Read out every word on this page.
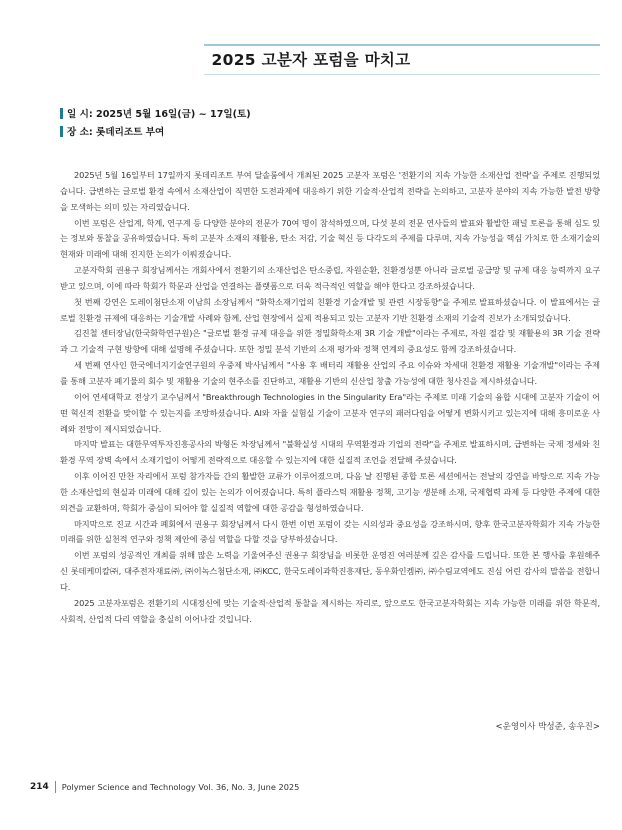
2025 고분자 포럼을 마치고
일 시: 2025년 5월 16일(금) ~ 17일(토)
장 소: 롯데리조트 부여

2025년 5월 16일부터 17일까지 롯데리조트 부여 달솔룸에서 개최된 2025 고분자 포럼은 '전환기의 지속 가능한 소재산업 전략'을 주제로 진행되었습니다. 급변하는 글로벌 환경 속에서 소재산업이 직면한 도전과제에 대응하기 위한 기술적·산업적 전략을 논의하고, 고분자 분야의 지속 가능한 발전 방향을 모색하는 의미 있는 자리였습니다.

이번 포럼은 산업계, 학계, 연구계 등 다양한 분야의 전문가 70여 명이 참석하였으며, 다섯 분의 전문 연사들의 발표와 활발한 패널 토론을 통해 심도 있는 정보와 통찰을 공유하였습니다. 특히 고분자 소재의 재활용, 탄소 저감, 기술 혁신 등 다각도의 주제를 다루며, 지속 가능성을 핵심 가치로 한 소재기술의 현재와 미래에 대해 진지한 논의가 이뤄졌습니다.

고분자학회 권용구 회장님께서는 개회사에서 전환기의 소재산업은 탄소중립, 자원순환, 친환경성뿐 아니라 글로벌 공급망 및 규제 대응 능력까지 요구받고 있으며, 이에 따라 학회가 학문과 산업을 연결하는 플랫폼으로 더욱 적극적인 역할을 해야 한다고 강조하셨습니다.

첫 번째 강연은 도레이첨단소재 이남희 소장님께서 "화학소재기업의 친환경 기술개발 및 관련 시장동향"을 주제로 발표하셨습니다. 이 발표에서는 글로벌 친환경 규제에 대응하는 기술개발 사례와 함께, 산업 현장에서 실제 적용되고 있는 고분자 기반 친환경 소재의 기술적 진보가 소개되었습니다.

김진철 센터장님(한국화학연구원)은 "글로벌 환경 규제 대응을 위한 정밀화학소재 3R 기술 개발"이라는 주제로, 자원 절감 및 재활용의 3R 기술 전략과 그 기술적 구현 방향에 대해 설명해 주셨습니다. 또한 정밀 분석 기반의 소재 평가와 정책 연계의 중요성도 함께 강조하셨습니다.

세 번째 연사인 한국에너지기술연구원의 우중제 박사님께서 "사용 후 배터리 재활용 산업의 주요 이슈와 차세대 친환경 재활용 기술개발"이라는 주제를 통해 고분자 폐기물의 회수 및 재활용 기술의 현주소를 진단하고, 재활용 기반의 신산업 창출 가능성에 대한 청사진을 제시하셨습니다.

이어 연세대학교 전상기 교수님께서 "Breakthrough Technologies in the Singularity Era"라는 주제로 미래 기술의 융합 시대에 고분자 기술이 어떤 혁신적 전환을 맞이할 수 있는지를 조망하셨습니다. AI와 자율 실험실 기술이 고분자 연구의 패러다임을 어떻게 변화시키고 있는지에 대해 흥미로운 사례와 전망이 제시되었습니다.

마지막 발표는 대한무역투자진흥공사의 박형돈 차장님께서 "불확실성 시대의 무역환경과 기업의 전략"을 주제로 발표하시며, 급변하는 국제 정세와 친환경 무역 장벽 속에서 소재기업이 어떻게 전략적으로 대응할 수 있는지에 대한 실질적 조언을 전달해 주셨습니다.

이후 이어진 만찬 자리에서 포럼 참가자들 간의 활발한 교류가 이루어졌으며, 다음 날 진행된 종합 토론 세션에서는 전날의 강연을 바탕으로 지속 가능한 소재산업의 현실과 미래에 대해 깊이 있는 논의가 이어졌습니다. 특히 플라스틱 재활용 정책, 고기능 생분해 소재, 국제협력 과제 등 다양한 주제에 대한 의견을 교환하며, 학회가 중심이 되어야 할 실질적 역할에 대한 공감을 형성하였습니다.

마지막으로 진교 시간과 폐회에서 권용구 회장님께서 다시 한번 이번 포럼이 갖는 시의성과 중요성을 강조하시며, 향후 한국고분자학회가 지속 가능한 미래를 위한 실천적 연구와 정책 제안에 중심 역할을 다할 것을 당부하셨습니다.

이번 포럼의 성공적인 개최를 위해 많은 노력을 기울여주신 권용구 회장님을 비롯한 운영진 여러분께 깊은 감사를 드립니다. 또한 본 행사를 후원해주신 롯데케미칼㈜, 대주전자재료㈜, ㈜이녹스첨단소재, ㈜KCC, 한국도레이과학진흥재단, 동우화인켐㈜, ㈜수림교역에도 진심 어린 감사의 말씀을 전합니다.

2025 고분자포럼은 전환기의 시대정신에 맞는 기술적·산업적 통찰을 제시하는 자리로, 앞으로도 한국고분자학회는 지속 가능한 미래를 위한 학문적, 사회적, 산업적 다리 역할을 충실히 이어나갈 것입니다.

<운영이사 박성준, 송우진>
214 Polymer Science and Technology Vol. 36, No. 3, June 2025
